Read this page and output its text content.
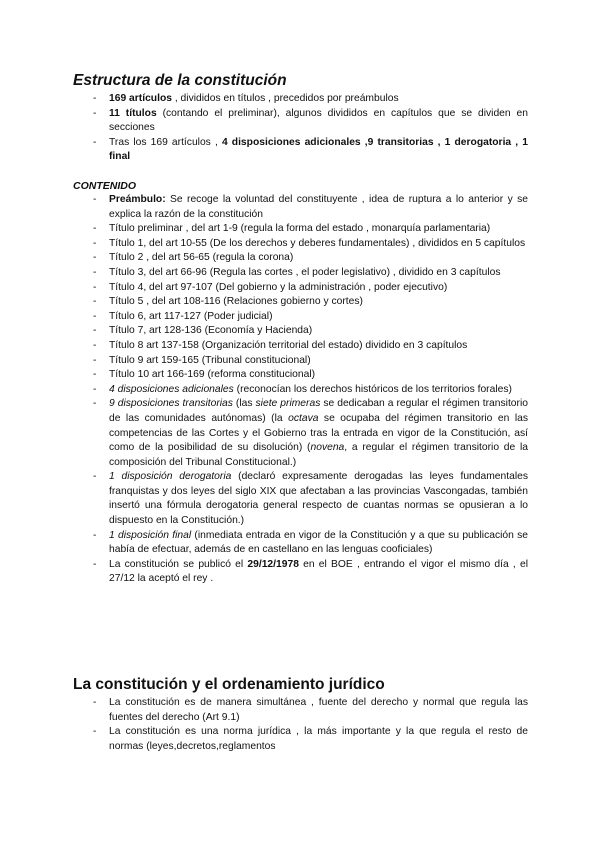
Estructura de la constitución
- 169 artículos , divididos en títulos , precedidos por preámbulos
- 11 títulos (contando el preliminar), algunos divididos en capítulos que se dividen en secciones
- Tras los 169 artículos , 4 disposiciones adicionales ,9 transitorias , 1 derogatoria , 1 final
CONTENIDO
- Preámbulo: Se recoge la voluntad del constituyente , idea de ruptura a lo anterior y se explica la razón de la constitución
- Título preliminar , del art 1-9 (regula la forma del estado , monarquía parlamentaria)
- Título 1, del art 10-55 (De los derechos y deberes fundamentales) , divididos en 5 capítulos
- Título 2 , del art 56-65 (regula la corona)
- Título 3, del art 66-96 (Regula las cortes , el poder legislativo) , dividido en 3 capítulos
- Título 4, del art 97-107 (Del gobierno y la administración , poder ejecutivo)
- Título 5 , del art 108-116 (Relaciones gobierno y cortes)
- Título 6, art 117-127 (Poder judicial)
- Título 7, art 128-136 (Economía y Hacienda)
- Título 8 art 137-158 (Organización territorial del estado) dividido en 3 capítulos
- Título 9 art 159-165 (Tribunal constitucional)
- Título 10 art 166-169 (reforma constitucional)
- 4 disposiciones adicionales (reconocían los derechos históricos de los territorios forales)
- 9 disposiciones transitorias (las siete primeras se dedicaban a regular el régimen transitorio de las comunidades autónomas) (la octava se ocupaba del régimen transitorio en las competencias de las Cortes y el Gobierno tras la entrada en vigor de la Constitución, así como de la posibilidad de su disolución) (novena, a regular el régimen transitorio de la composición del Tribunal Constitucional.)
- 1 disposición derogatoria (declaró expresamente derogadas las leyes fundamentales franquistas y dos leyes del siglo XIX que afectaban a las provincias Vascongadas, también insertó una fórmula derogatoria general respecto de cuantas normas se opusieran a lo dispuesto en la Constitución.)
- 1 disposición final (inmediata entrada en vigor de la Constitución y a que su publicación se había de efectuar, además de en castellano en las lenguas cooficiales)
- La constitución se publicó el 29/12/1978 en el BOE , entrando el vigor el mismo día , el 27/12 la aceptó el rey .
La constitución y el ordenamiento jurídico
- La constitución es de manera simultánea , fuente del derecho y normal que regula las fuentes del derecho (Art 9.1)
- La constitución es una norma jurídica , la más importante y la que regula el resto de normas (leyes,decretos,reglamentos
